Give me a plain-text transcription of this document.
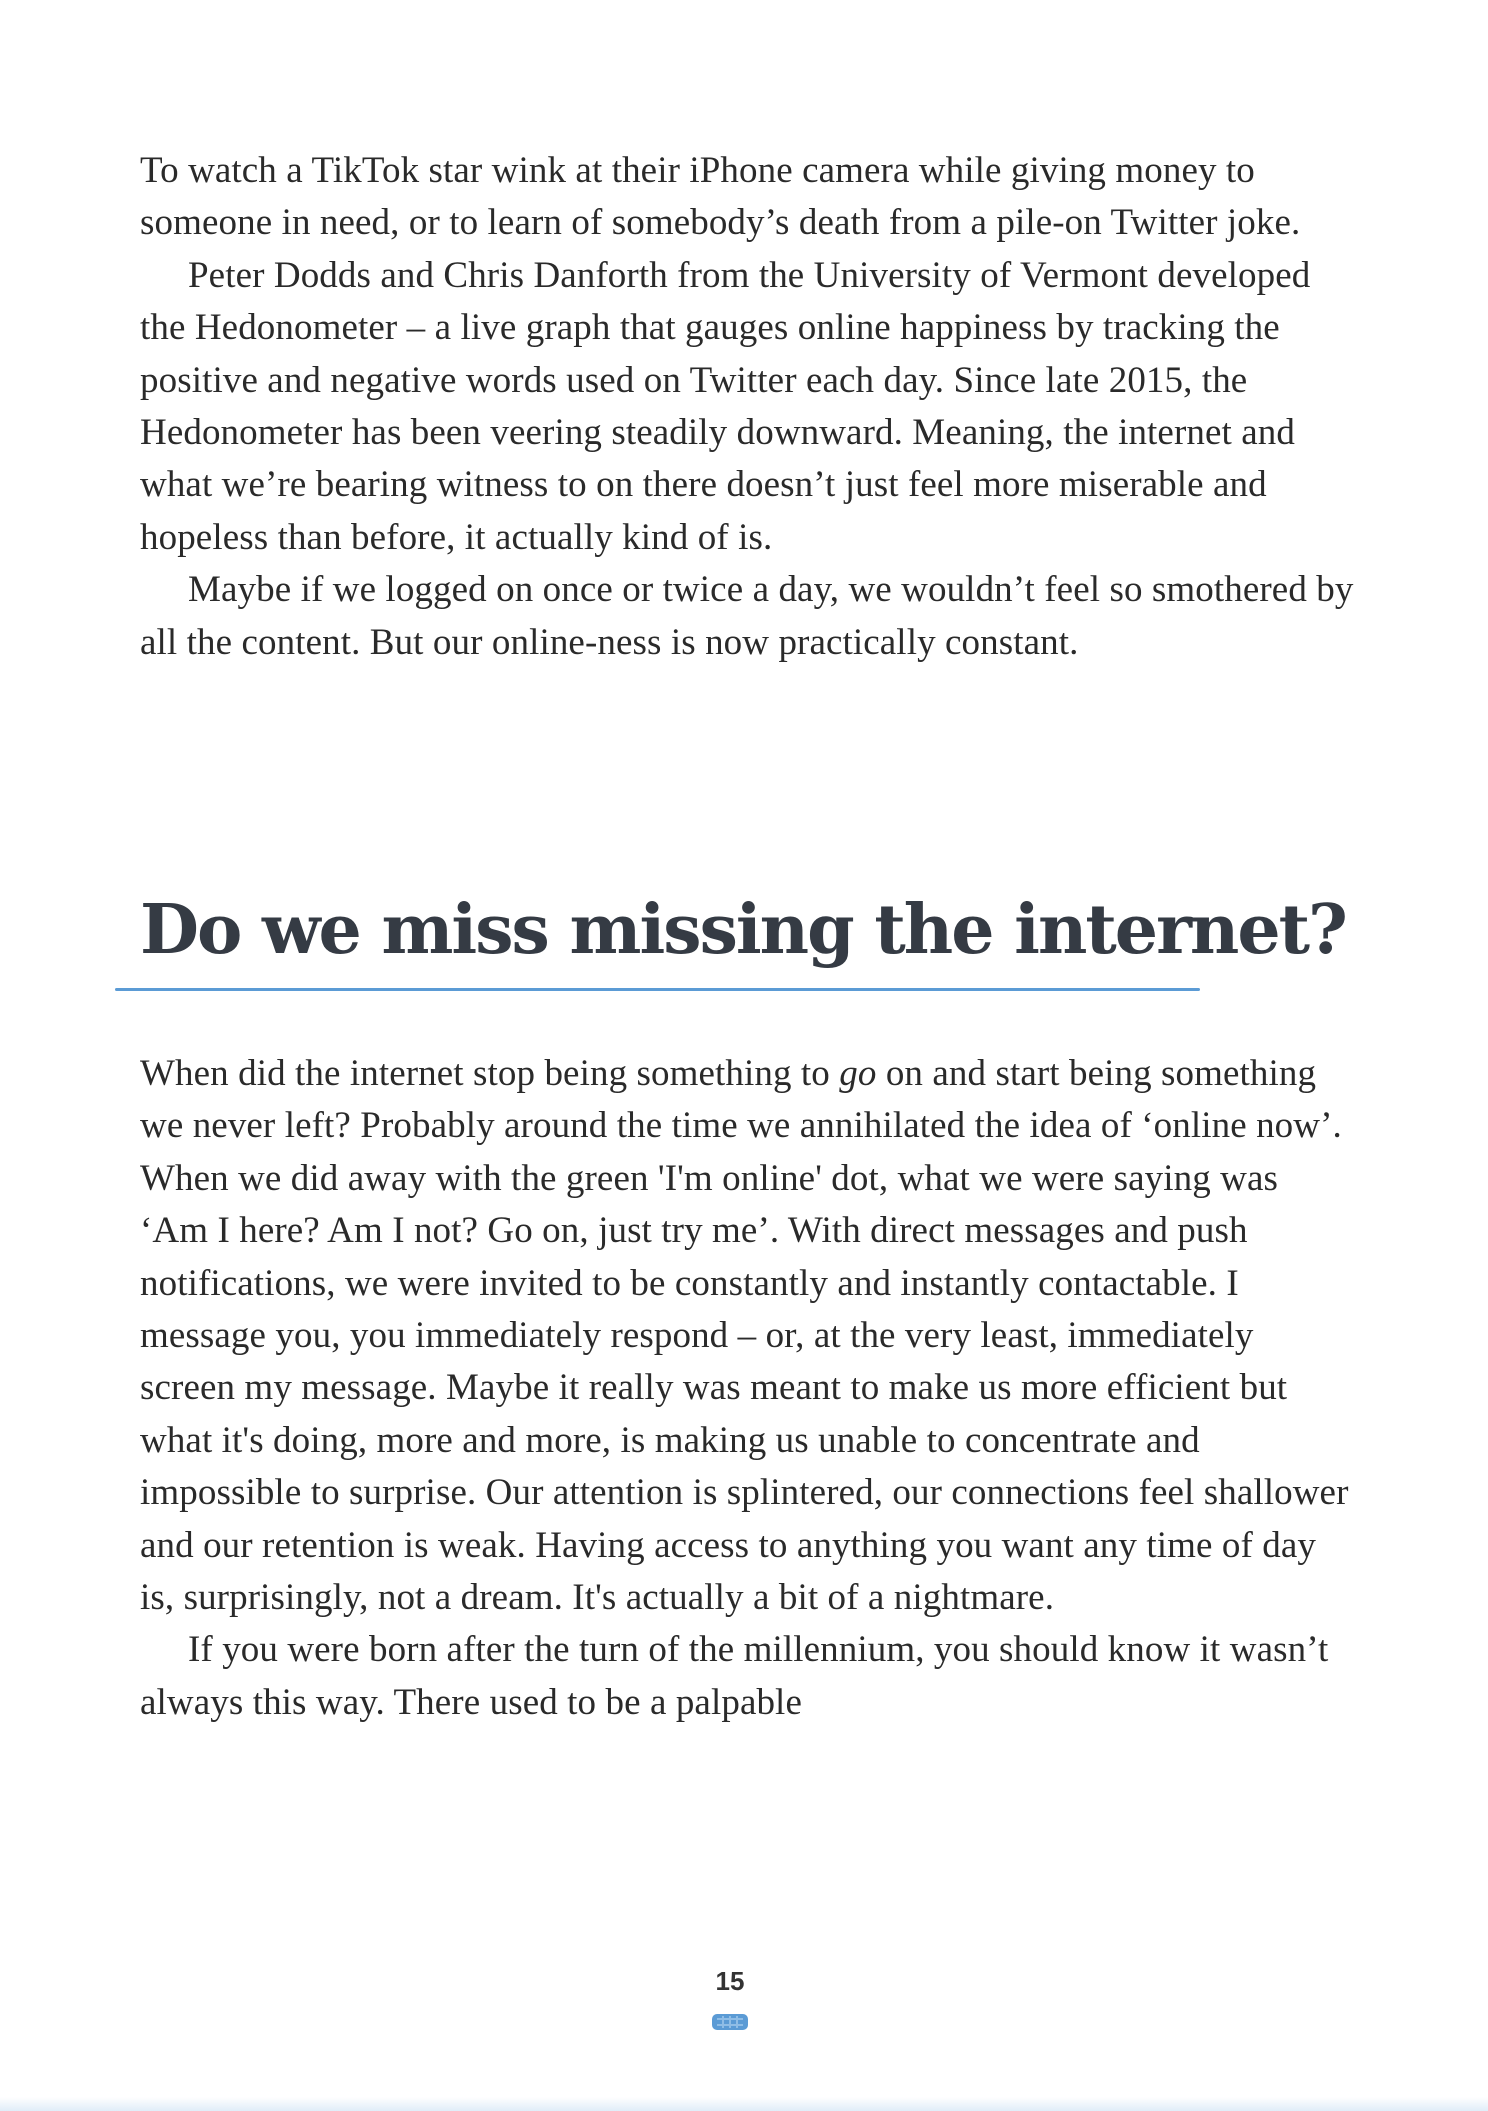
To watch a TikTok star wink at their iPhone camera while giving money to someone in need, or to learn of somebody’s death from a pile-on Twitter joke.

Peter Dodds and Chris Danforth from the University of Vermont developed the Hedonometer – a live graph that gauges online happiness by tracking the positive and negative words used on Twitter each day. Since late 2015, the Hedonometer has been veering steadily downward. Meaning, the internet and what we’re bearing witness to on there doesn’t just feel more miserable and hopeless than before, it actually kind of is.

Maybe if we logged on once or twice a day, we wouldn’t feel so smothered by all the content. But our online-ness is now practically constant.

Do we miss missing the internet?

When did the internet stop being something to go on and start being something we never left? Probably around the time we annihilated the idea of ‘online now’. When we did away with the green 'I'm online' dot, what we were saying was ‘Am I here? Am I not? Go on, just try me’. With direct messages and push notifications, we were invited to be constantly and instantly contactable. I message you, you immediately respond – or, at the very least, immediately screen my message. Maybe it really was meant to make us more efficient but what it's doing, more and more, is making us unable to concentrate and impossible to surprise. Our attention is splintered, our connections feel shallower and our retention is weak. Having access to anything you want any time of day is, surprisingly, not a dream. It's actually a bit of a nightmare.

If you were born after the turn of the millennium, you should know it wasn’t always this way. There used to be a palpable

15
